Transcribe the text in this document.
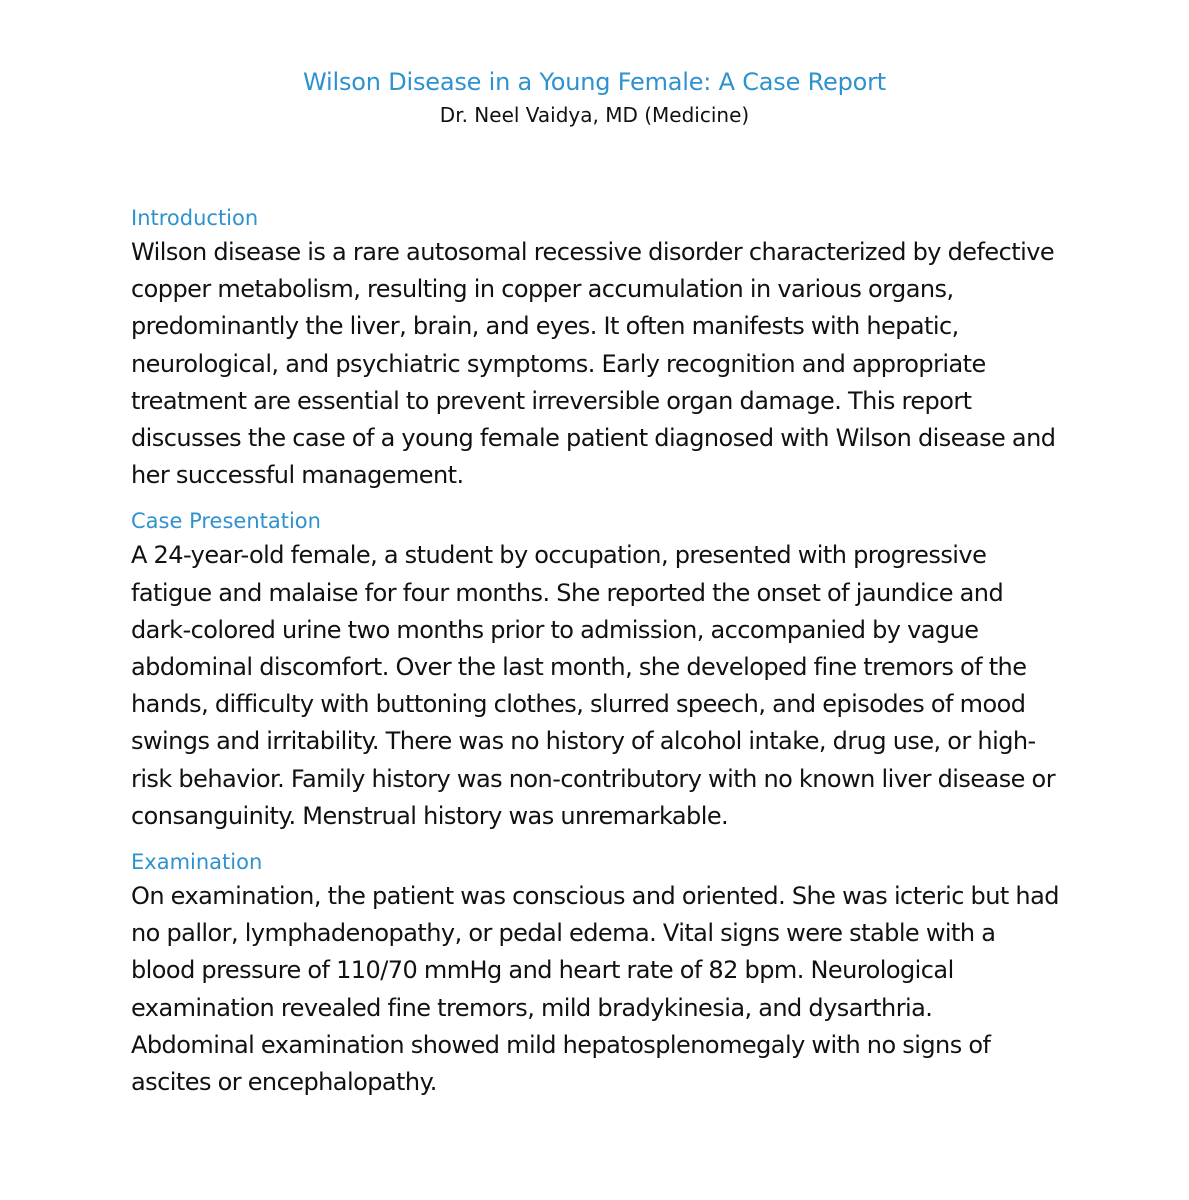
Wilson Disease in a Young Female: A Case Report

Dr. Neel Vaidya, MD (Medicine)

Introduction

Wilson disease is a rare autosomal recessive disorder characterized by defective copper metabolism, resulting in copper accumulation in various organs, predominantly the liver, brain, and eyes. It often manifests with hepatic, neurological, and psychiatric symptoms. Early recognition and appropriate treatment are essential to prevent irreversible organ damage. This report discusses the case of a young female patient diagnosed with Wilson disease and her successful management.

Case Presentation

A 24-year-old female, a student by occupation, presented with progressive fatigue and malaise for four months. She reported the onset of jaundice and dark-colored urine two months prior to admission, accompanied by vague abdominal discomfort. Over the last month, she developed fine tremors of the hands, difficulty with buttoning clothes, slurred speech, and episodes of mood swings and irritability. There was no history of alcohol intake, drug use, or high-risk behavior. Family history was non-contributory with no known liver disease or consanguinity. Menstrual history was unremarkable.

Examination

On examination, the patient was conscious and oriented. She was icteric but had no pallor, lymphadenopathy, or pedal edema. Vital signs were stable with a blood pressure of 110/70 mmHg and heart rate of 82 bpm. Neurological examination revealed fine tremors, mild bradykinesia, and dysarthria. Abdominal examination showed mild hepatosplenomegaly with no signs of ascites or encephalopathy.
